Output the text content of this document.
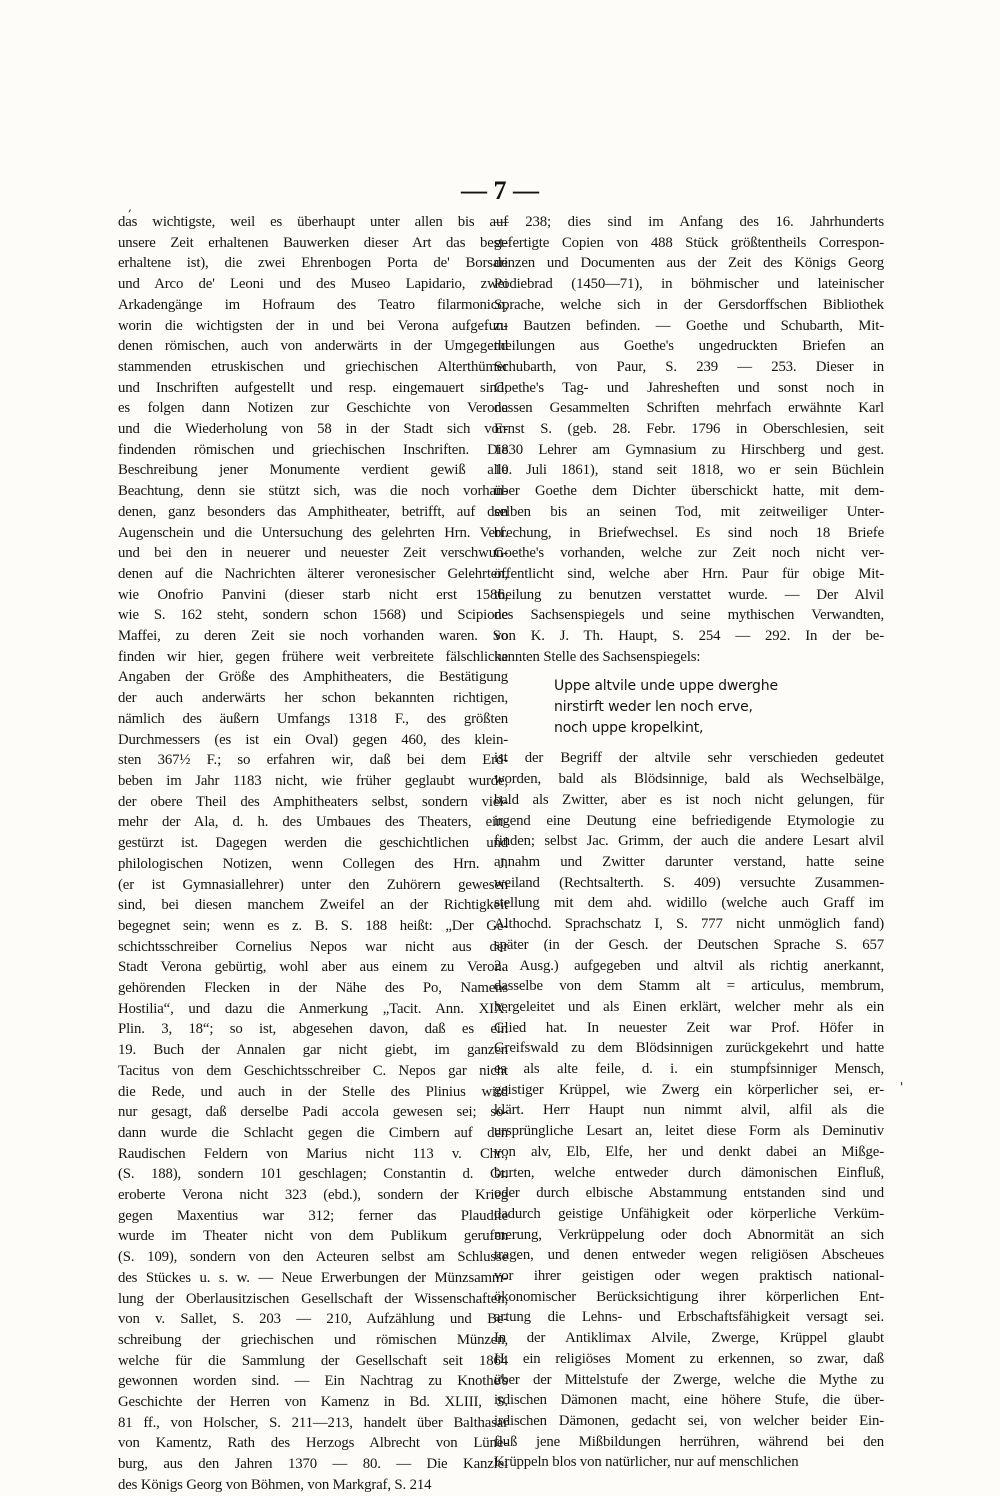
— 7 —
,
'

das wichtigste, weil es überhaupt unter allen bis auf

unsere Zeit erhaltenen Bauwerken dieser Art das best-

erhaltene ist), die zwei Ehrenbogen Porta de' Borsari

und Arco de' Leoni und des Museo Lapidario, zwei

Arkadengänge im Hofraum des Teatro filarmonico,

worin die wichtigsten der in und bei Verona aufgefun-

denen römischen, auch von anderwärts in der Umgegend

stammenden etruskischen und griechischen Alterthümer

und Inschriften aufgestellt und resp. eingemauert sind;

es folgen dann Notizen zur Geschichte von Verona

und die Wiederholung von 58 in der Stadt sich vor-

findenden römischen und griechischen Inschriften. Die

Beschreibung jener Monumente verdient gewiß alle

Beachtung, denn sie stützt sich, was die noch vorhan-

denen, ganz besonders das Amphitheater, betrifft, auf den

Augenschein und die Untersuchung des gelehrten Hrn. Verf.

und bei den in neuerer und neuester Zeit verschwun-

denen auf die Nachrichten älterer veronesischer Gelehrten,

wie Onofrio Panvini (dieser starb nicht erst 1586,

wie S. 162 steht, sondern schon 1568) und Scipione

Maffei, zu deren Zeit sie noch vorhanden waren. So

finden wir hier, gegen frühere weit verbreitete fälschliche

Angaben der Größe des Amphitheaters, die Bestätigung

der auch anderwärts her schon bekannten richtigen,

nämlich des äußern Umfangs 1318 F., des größten

Durchmessers (es ist ein Oval) gegen 460, des klein-

sten 367½ F.; so erfahren wir, daß bei dem Erd-

beben im Jahr 1183 nicht, wie früher geglaubt wurde,

der obere Theil des Amphitheaters selbst, sondern viel-

mehr der Ala, d. h. des Umbaues des Theaters, ein-

gestürzt ist. Dagegen werden die geschichtlichen und

philologischen Notizen, wenn Collegen des Hrn. J.

(er ist Gymnasiallehrer) unter den Zuhörern gewesen

sind, bei diesen manchem Zweifel an der Richtigkeit

begegnet sein; wenn es z. B. S. 188 heißt: „Der Ge-

schichtsschreiber Cornelius Nepos war nicht aus der

Stadt Verona gebürtig, wohl aber aus einem zu Verona

gehörenden Flecken in der Nähe des Po, Namens

Hostilia“, und dazu die Anmerkung „Tacit. Ann. XIX.

Plin. 3, 18“; so ist, abgesehen davon, daß es ein

19. Buch der Annalen gar nicht giebt, im ganzen

Tacitus von dem Geschichtsschreiber C. Nepos gar nicht

die Rede, und auch in der Stelle des Plinius wird

nur gesagt, daß derselbe Padi accola gewesen sei; so-

dann wurde die Schlacht gegen die Cimbern auf den

Raudischen Feldern von Marius nicht 113 v. Chr.,

(S. 188), sondern 101 geschlagen; Constantin d. Gr.

eroberte Verona nicht 323 (ebd.), sondern der Krieg

gegen Maxentius war 312; ferner das Plaudite

wurde im Theater nicht von dem Publikum gerufen

(S. 109), sondern von den Acteuren selbst am Schlusse

des Stückes u. s. w. — Neue Erwerbungen der Münzsamm-

lung der Oberlausitzischen Gesellschaft der Wissenschaften,

von v. Sallet, S. 203 — 210, Aufzählung und Be-

schreibung der griechischen und römischen Münzen,

welche für die Sammlung der Gesellschaft seit 1864

gewonnen worden sind. — Ein Nachtrag zu Knothe's

Geschichte der Herren von Kamenz in Bd. XLIII, S.

81 ff., von Holscher, S. 211—213, handelt über Balthasar

von Kamentz, Rath des Herzogs Albrecht von Lüne-

burg, aus den Jahren 1370 — 80. — Die Kanzlei

des Königs Georg von Böhmen, von Markgraf, S. 214

— 238; dies sind im Anfang des 16. Jahrhunderts

gefertigte Copien von 488 Stück größtentheils Correspon-

denzen und Documenten aus der Zeit des Königs Georg

Podiebrad (1450—71), in böhmischer und lateinischer

Sprache, welche sich in der Gersdorffschen Bibliothek

zu Bautzen befinden. — Goethe und Schubarth, Mit-

theilungen aus Goethe's ungedruckten Briefen an

Schubarth, von Paur, S. 239 — 253. Dieser in

Goethe's Tag- und Jahresheften und sonst noch in

dessen Gesammelten Schriften mehrfach erwähnte Karl

Ernst S. (geb. 28. Febr. 1796 in Oberschlesien, seit

1830 Lehrer am Gymnasium zu Hirschberg und gest.

10. Juli 1861), stand seit 1818, wo er sein Büchlein

über Goethe dem Dichter überschickt hatte, mit dem-

selben bis an seinen Tod, mit zeitweiliger Unter-

brechung, in Briefwechsel. Es sind noch 18 Briefe

Goethe's vorhanden, welche zur Zeit noch nicht ver-

öffentlicht sind, welche aber Hrn. Paur für obige Mit-

theilung zu benutzen verstattet wurde. — Der Alvil

des Sachsenspiegels und seine mythischen Verwandten,

von K. J. Th. Haupt, S. 254 — 292. In der be-

kannten Stelle des Sachsenspiegels:

Uppe altvile unde uppe dwerghe
nirstirft weder len noch erve,
noch uppe kropelkint,

ist der Begriff der altvile sehr verschieden gedeutet

worden, bald als Blödsinnige, bald als Wechselbälge,

bald als Zwitter, aber es ist noch nicht gelungen, für

irgend eine Deutung eine befriedigende Etymologie zu

finden; selbst Jac. Grimm, der auch die andere Lesart alvil

annahm und Zwitter darunter verstand, hatte seine

weiland (Rechtsalterth. S. 409) versuchte Zusammen-

stellung mit dem ahd. widillo (welche auch Graff im

Althochd. Sprachschatz I, S. 777 nicht unmöglich fand)

später (in der Gesch. der Deutschen Sprache S. 657

2. Ausg.) aufgegeben und altvil als richtig anerkannt,

dasselbe von dem Stamm alt = articulus, membrum,

hergeleitet und als Einen erklärt, welcher mehr als ein

Glied hat. In neuester Zeit war Prof. Höfer in

Greifswald zu dem Blödsinnigen zurückgekehrt und hatte

es als alte feile, d. i. ein stumpfsinniger Mensch,

geistiger Krüppel, wie Zwerg ein körperlicher sei, er-

klärt. Herr Haupt nun nimmt alvil, alfil als die

ursprüngliche Lesart an, leitet diese Form als Deminutiv

von alv, Elb, Elfe, her und denkt dabei an Mißge-

burten, welche entweder durch dämonischen Einfluß,

oder durch elbische Abstammung entstanden sind und

dadurch geistige Unfähigkeit oder körperliche Verküm-

merung, Verkrüppelung oder doch Abnormität an sich

tragen, und denen entweder wegen religiösen Abscheues

vor ihrer geistigen oder wegen praktisch national-

ökonomischer Berücksichtigung ihrer körperlichen Ent-

artung die Lehns- und Erbschaftsfähigkeit versagt sei.

In der Antiklimax Alvile, Zwerge, Krüppel glaubt

H. ein religiöses Moment zu erkennen, so zwar, daß

über der Mittelstufe der Zwerge, welche die Mythe zu

irdischen Dämonen macht, eine höhere Stufe, die über-

irdischen Dämonen, gedacht sei, von welcher beider Ein-

fluß jene Mißbildungen herrühren, während bei den

Krüppeln blos von natürlicher, nur auf menschlichen
